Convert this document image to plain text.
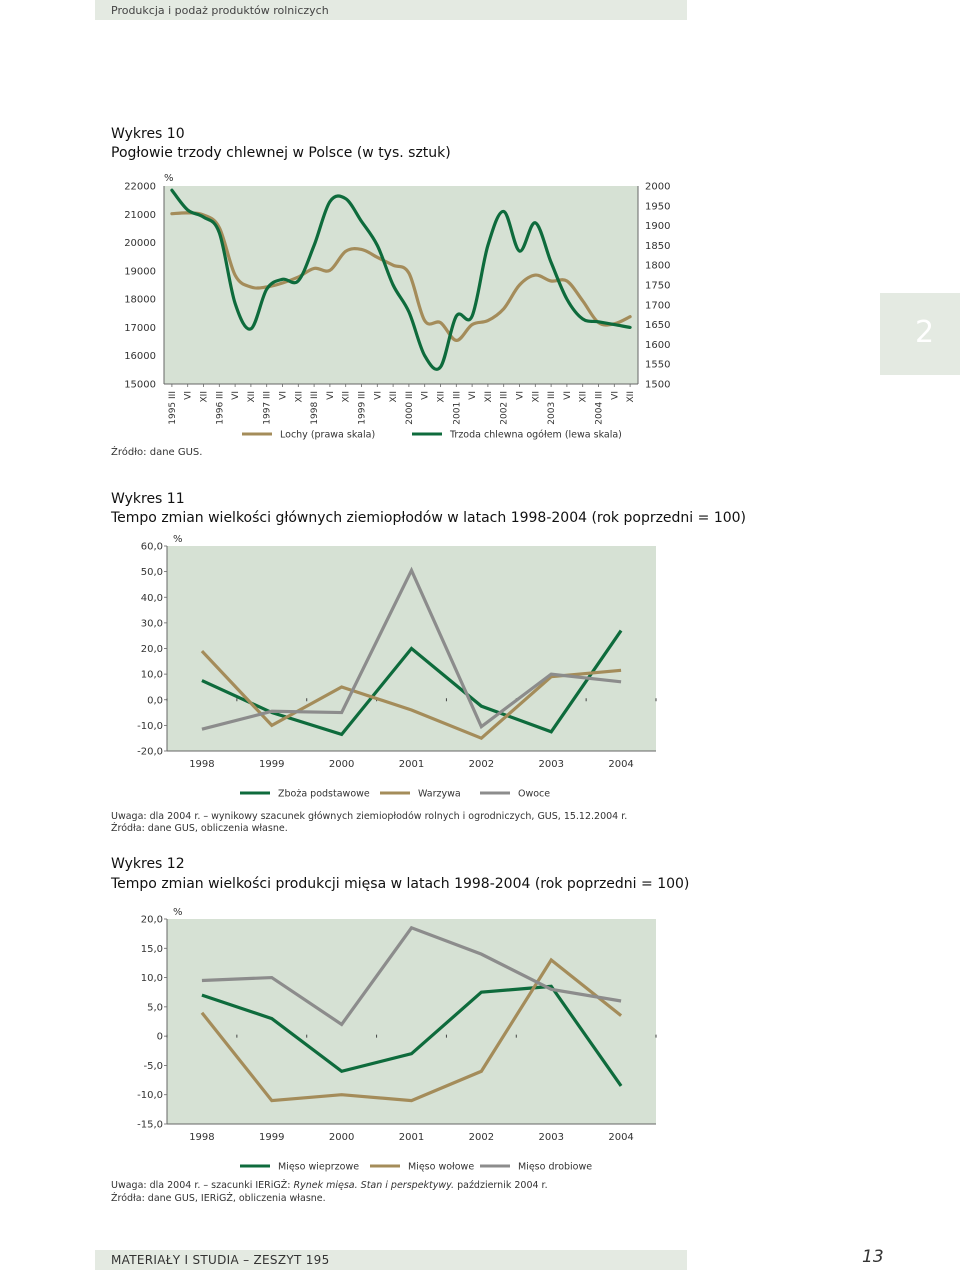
Produkcja i podaż produktów rolniczych
2
Wykres 10
Pogłowie trzody chlewnej w Polsce (w tys. sztuk)
Źródło: dane GUS.
Wykres 11
Tempo zmian wielkości głównych ziemiopłodów w latach 1998-2004 (rok poprzedni = 100)
Uwaga: dla 2004 r. – wynikowy szacunek głównych ziemiopłodów rolnych i ogrodniczych, GUS, 15.12.2004 r.
Źródła: dane GUS, obliczenia własne.
Wykres 12
Tempo zmian wielkości produkcji mięsa w latach 1998-2004 (rok poprzedni = 100)
Uwaga: dla 2004 r. – szacunki IERiGŻ: Rynek mięsa. Stan i perspektywy. październik 2004 r.
Źródła: dane GUS, IERiGŻ, obliczenia własne.
MATERIAŁY I STUDIA – ZESZYT 195	13
%
22000
21000
20000
19000
18000
17000
16000
15000
2000
1950
1900
1850
1800
1750
1700
1650
1600
1550
1500
1995 III VI XII 1996 III VI XII 1997 III VI XII 1998 III VI XII 1999 III VI XII 2000 III VI XII 2001 III VI XII 2002 III VI XII 2003 III VI XII 2004 III VI XII
Lochy (prawa skala)	Trzoda chlewna ogółem (lewa skala)
%
60,0
50,0
40,0
30,0
20,0
10,0
0,0
-10,0
-20,0
1998	1999	2000	2001	2002	2003	2004
Zboża podstawowe	Warzywa	Owoce
%
20,0
15,0
10,0
5,0
0
-5,0
-10,0
-15,0
1998	1999	2000	2001	2002	2003	2004
Mięso wieprzowe	Mięso wołowe	Mięso drobiowe
